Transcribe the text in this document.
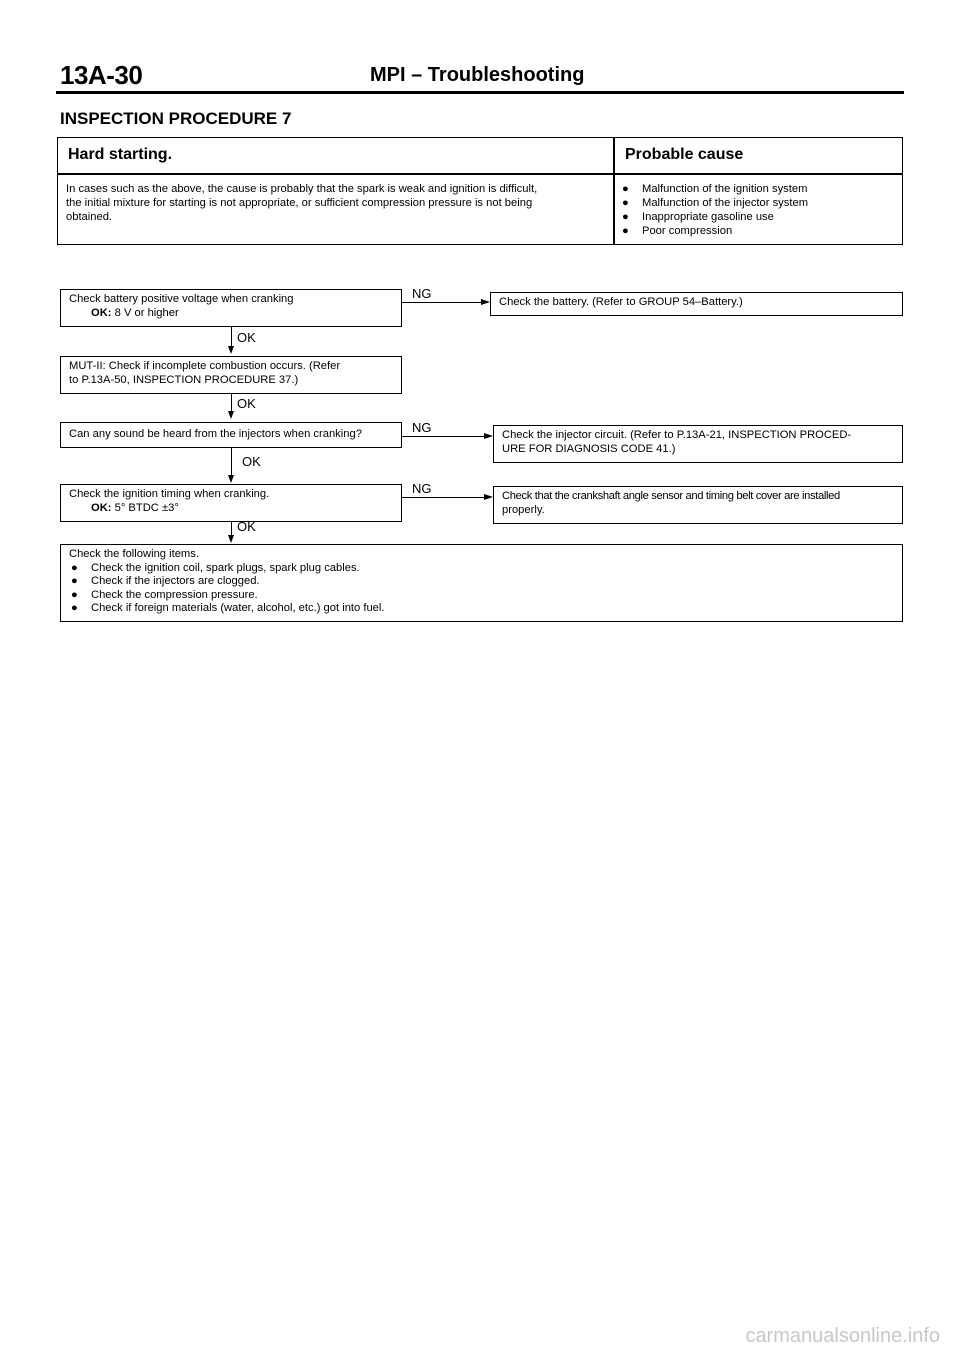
13A-30	MPI – Troubleshooting
INSPECTION PROCEDURE 7
Hard starting.	Probable cause
In cases such as the above, the cause is probably that the spark is weak and ignition is difficult,
the initial mixture for starting is not appropriate, or sufficient compression pressure is not being
obtained.
● Malfunction of the ignition system
● Malfunction of the injector system
● Inappropriate gasoline use
● Poor compression
Check battery positive voltage when cranking
OK: 8 V or higher
NG
Check the battery. (Refer to GROUP 54–Battery.)
OK
MUT-II: Check if incomplete combustion occurs. (Refer
to P.13A-50, INSPECTION PROCEDURE 37.)
OK
Can any sound be heard from the injectors when cranking?	NG	Check the injector circuit. (Refer to P.13A-21, INSPECTION PROCED-
URE FOR DIAGNOSIS CODE 41.)
OK
Check the ignition timing when cranking.
OK: 5° BTDC ±3°
NG	Check that the crankshaft angle sensor and timing belt cover are installed
properly.
OK
Check the following items.
● Check the ignition coil, spark plugs, spark plug cables.
● Check if the injectors are clogged.
● Check the compression pressure.
● Check if foreign materials (water, alcohol, etc.) got into fuel.
carmanualsonline.info
